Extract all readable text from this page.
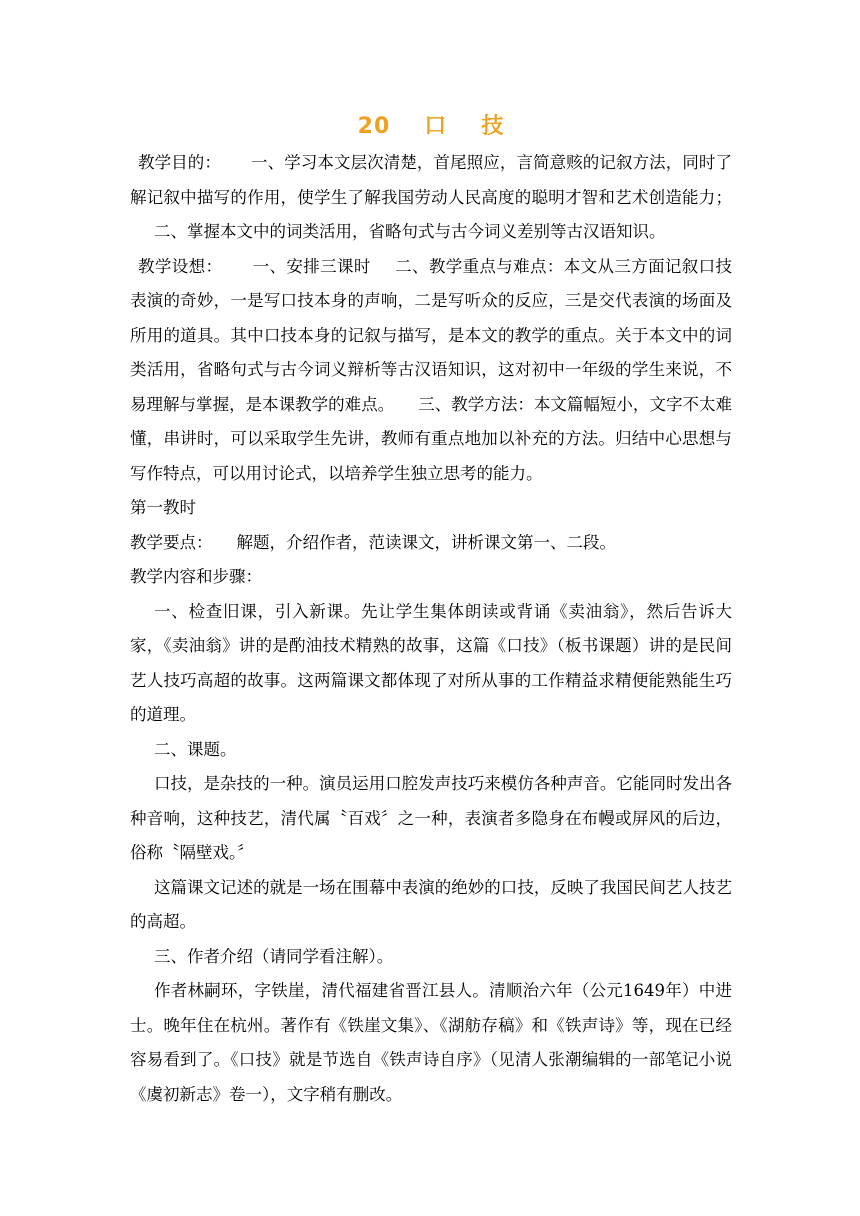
20 口 技

教学目的： 一、学习本文层次清楚，首尾照应，言简意赅的记叙方法，同时了解记叙中描写的作用，使学生了解我国劳动人民高度的聪明才智和艺术创造能力；二、掌握本文中的词类活用，省略句式与古今词义差别等古汉语知识。

教学设想： 一、安排三课时 二、教学重点与难点：本文从三方面记叙口技表演的奇妙，一是写口技本身的声响，二是写听众的反应，三是交代表演的场面及所用的道具。其中口技本身的记叙与描写，是本文的教学的重点。关于本文中的词类活用，省略句式与古今词义辩析等古汉语知识，这对初中一年级的学生来说，不易理解与掌握，是本课教学的难点。 三、教学方法：本文篇幅短小，文字不太难懂，串讲时，可以采取学生先讲，教师有重点地加以补充的方法。归结中心思想与写作特点，可以用讨论式，以培养学生独立思考的能力。

第一教时

教学要点： 解题，介绍作者，范读课文，讲析课文第一、二段。

教学内容和步骤：

一、检查旧课，引入新课。先让学生集体朗读或背诵《卖油翁》，然后告诉大家，《卖油翁》讲的是酌油技术精熟的故事，这篇《口技》（板书课题）讲的是民间艺人技巧高超的故事。这两篇课文都体现了对所从事的工作精益求精便能熟能生巧的道理。

二、课题。

口技，是杂技的一种。演员运用口腔发声技巧来模仿各种声音。它能同时发出各种音响，这种技艺，清代属〝百戏〞之一种，表演者多隐身在布幔或屏风的后边，俗称〝隔壁戏。〞

这篇课文记述的就是一场在围幕中表演的绝妙的口技，反映了我国民间艺人技艺的高超。

三、作者介绍（请同学看注解）。

作者林嗣环，字铁崖，清代福建省晋江县人。清顺治六年（公元1649年）中进士。晚年住在杭州。著作有《铁崖文集》、《湖舫存稿》和《铁声诗》等，现在已经容易看到了。《口技》就是节选自《铁声诗自序》（见清人张潮编辑的一部笔记小说《虞初新志》卷一），文字稍有删改。
